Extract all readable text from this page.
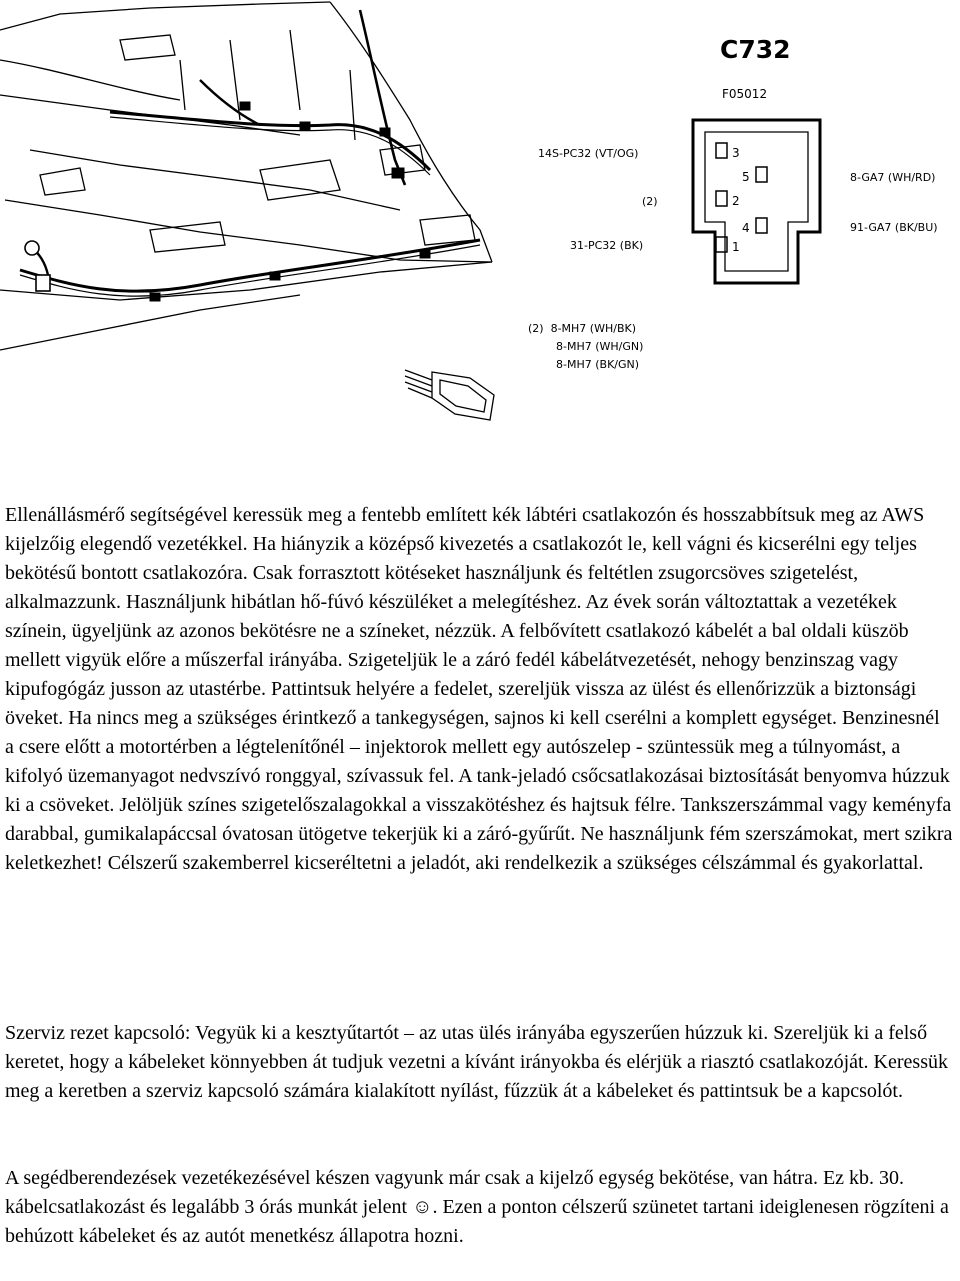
C732
F05012
3
5
2
4
1
14S-PC32 (VT/OG)
(2)
31-PC32 (BK)
8-GA7 (WH/RD)
91-GA7 (BK/BU)
(2)  8-MH7 (WH/BK)
8-MH7 (WH/GN)
8-MH7 (BK/GN)

Ellenállásmérő segítségével keressük meg a fentebb említett kék lábtéri csatlakozón és hosszabbítsuk meg az AWS kijelzőig elegendő vezetékkel. Ha hiányzik a középső kivezetés a csatlakozót le, kell vágni és kicserélni egy teljes bekötésű bontott csatlakozóra. Csak forrasztott kötéseket használjunk és feltétlen zsugorcsöves szigetelést, alkalmazzunk. Használjunk hibátlan hő-fúvó készüléket a melegítéshez. Az évek során változtattak a vezetékek színein, ügyeljünk az azonos bekötésre ne a színeket, nézzük. A felbővített csatlakozó kábelét a bal oldali küszöb mellett vigyük előre a műszerfal irányába. Szigeteljük le a záró fedél kábelátvezetését, nehogy benzinszag vagy kipufogógáz jusson az utastérbe. Pattintsuk helyére a fedelet, szereljük vissza az ülést és ellenőrizzük a biztonsági öveket. Ha nincs meg a szükséges érintkező a tankegységen, sajnos ki kell cserélni a komplett egységet. Benzinesnél a csere előtt a motortérben a légtelenítőnél – injektorok mellett egy autószelep - szüntessük meg a túlnyomást, a kifolyó üzemanyagot nedvszívó ronggyal, szívassuk fel. A tank-jeladó csőcsatlakozásai biztosítását benyomva húzzuk ki a csöveket. Jelöljük színes szigetelőszalagokkal a visszakötéshez és hajtsuk félre. Tankszerszámmal vagy keményfa darabbal, gumikalapáccsal óvatosan ütögetve tekerjük ki a záró-gyűrűt. Ne használjunk fém szerszámokat, mert szikra keletkezhet! Célszerű szakemberrel kicseréltetni a jeladót, aki rendelkezik a szükséges célszámmal és gyakorlattal.

Szerviz rezet kapcsoló: Vegyük ki a kesztyűtartót – az utas ülés irányába egyszerűen húzzuk ki. Szereljük ki a felső keretet, hogy a kábeleket könnyebben át tudjuk vezetni a kívánt irányokba és elérjük a riasztó csatlakozóját. Keressük meg a keretben a szerviz kapcsoló számára kialakított nyílást, fűzzük át a kábeleket és pattintsuk be a kapcsolót.

A segédberendezések vezetékezésével készen vagyunk már csak a kijelző egység bekötése, van hátra. Ez kb. 30. kábelcsatlakozást és legalább 3 órás munkát jelent ☺. Ezen a ponton célszerű szünetet tartani ideiglenesen rögzíteni a behúzott kábeleket és az autót menetkész állapotra hozni.
